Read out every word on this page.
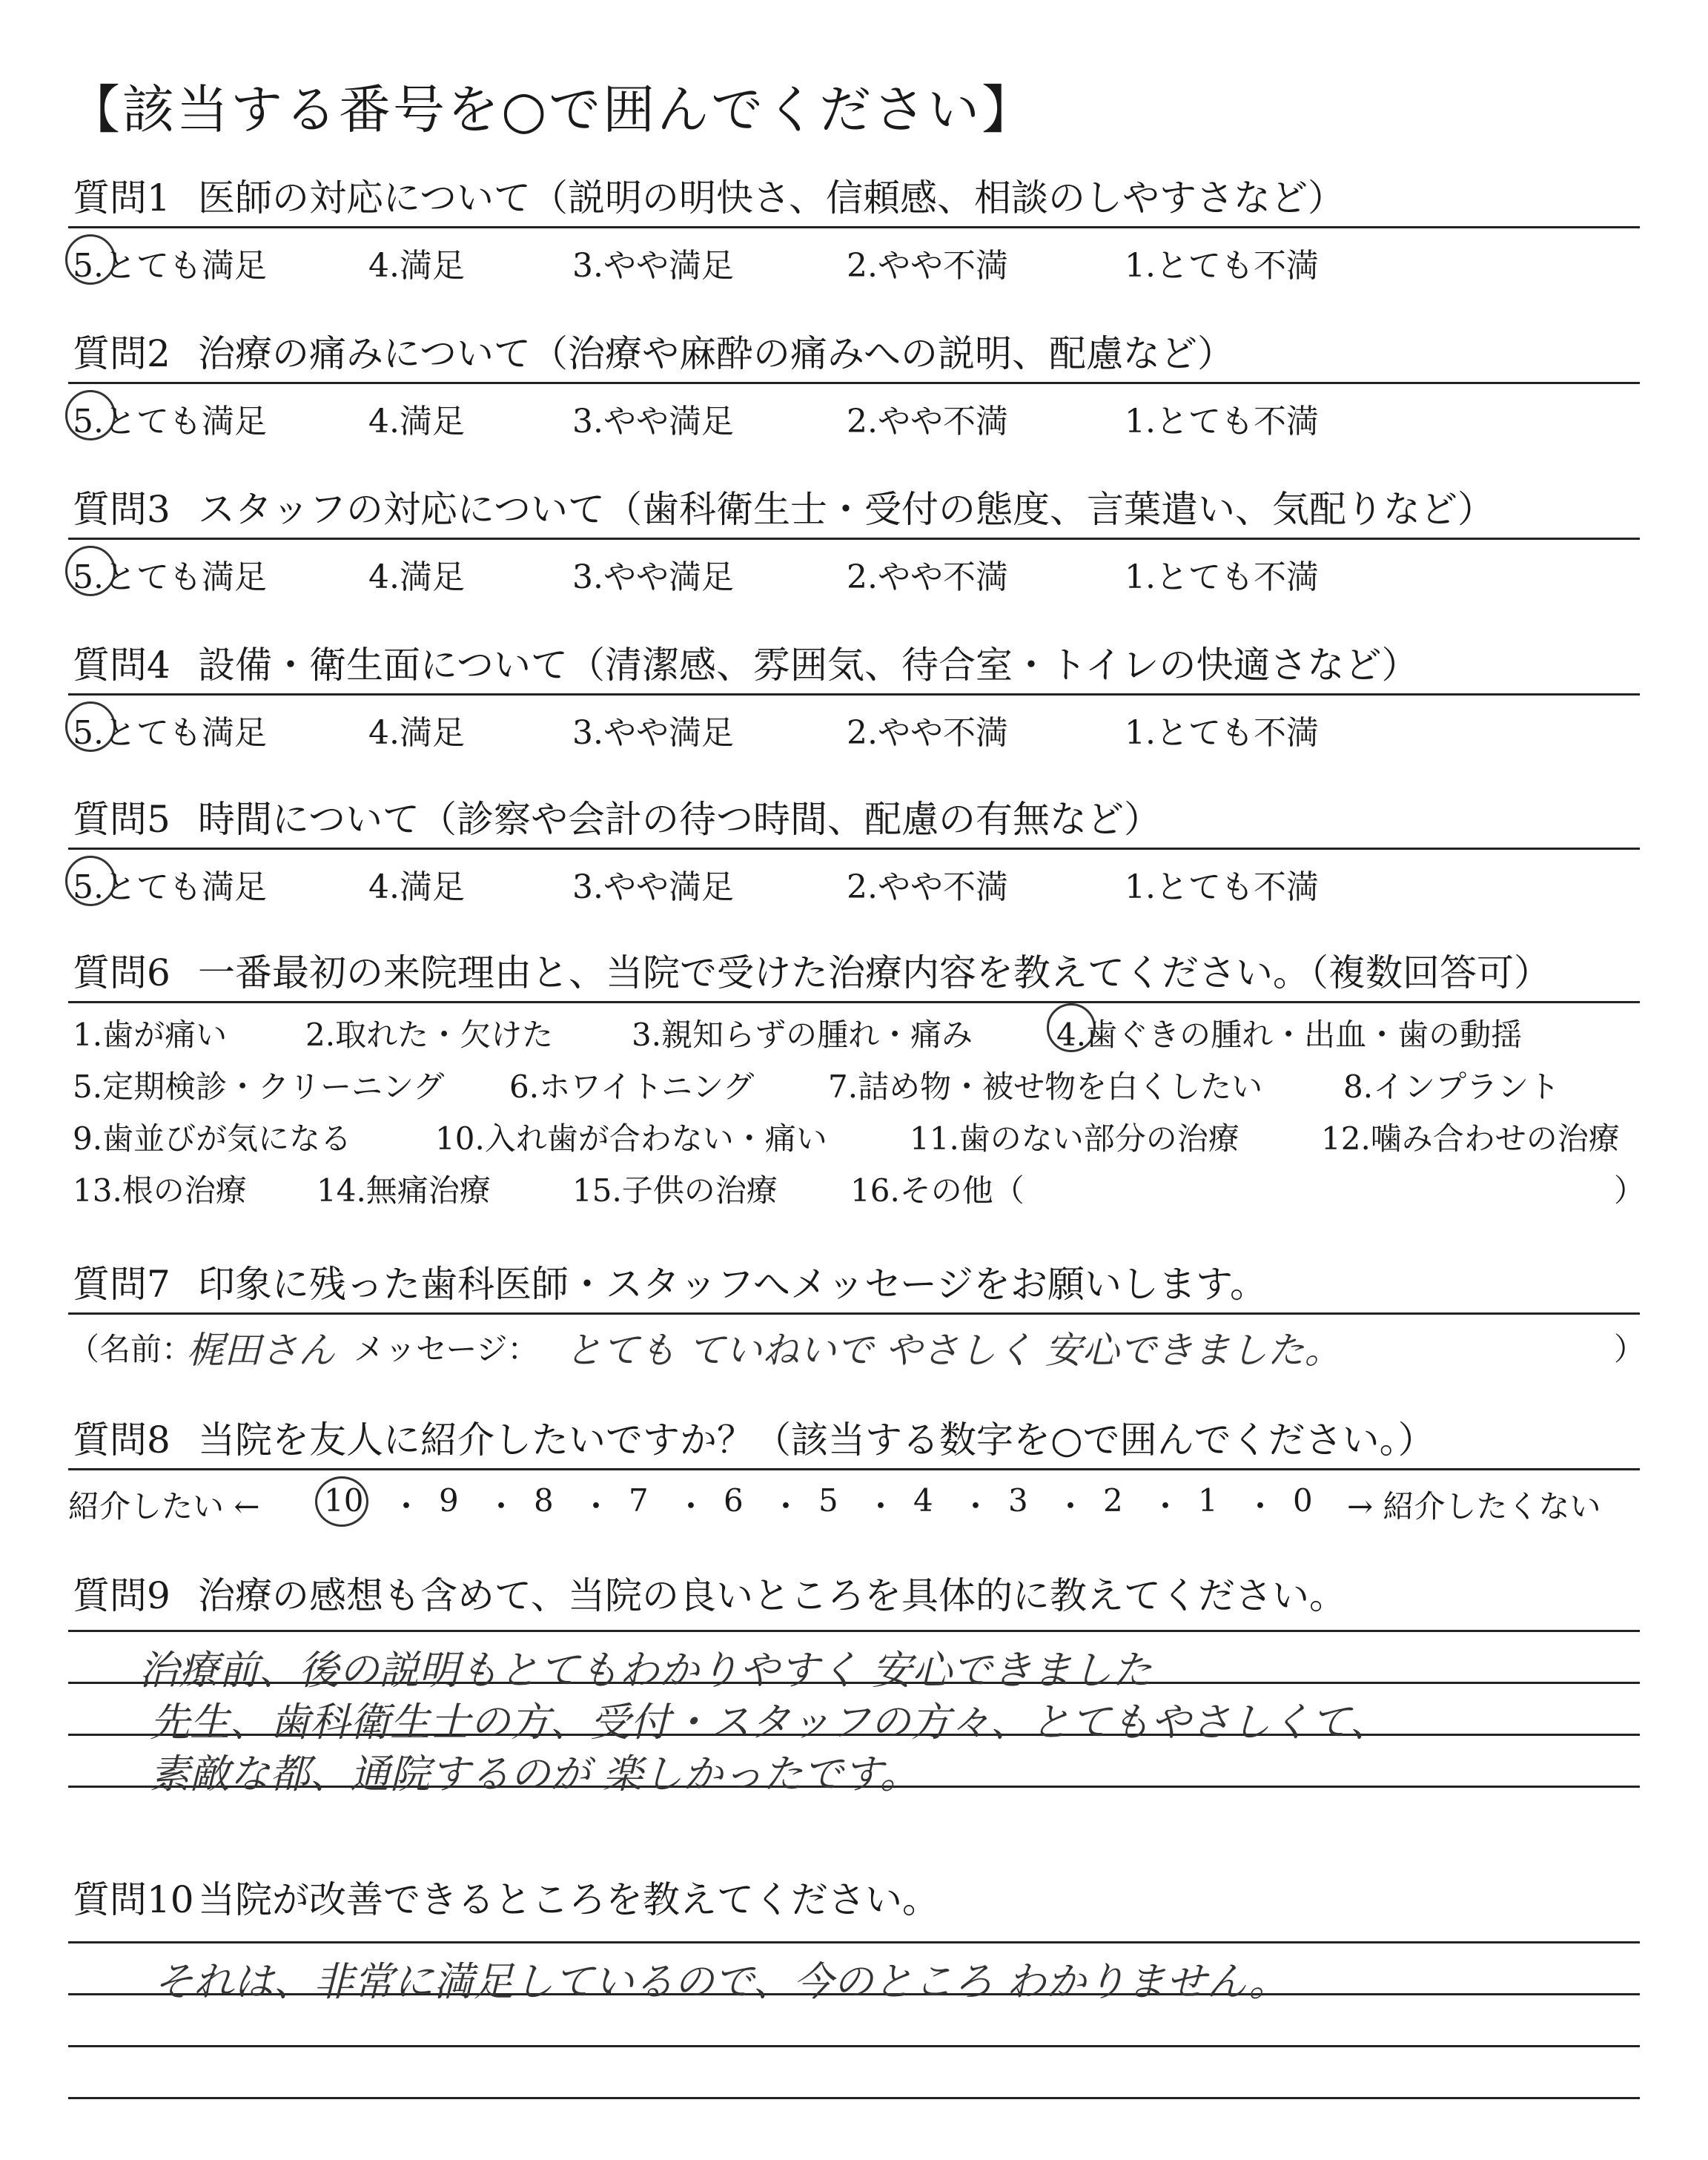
【該当する番号を○で囲んでください】
質問1 医師の対応について（説明の明快さ、信頼感、相談のしやすさなど）
5.とても満足	4.満足	3.やや満足	2.やや不満	1.とても不満
質問2 治療の痛みについて（治療や麻酔の痛みへの説明、配慮など）
5.とても満足	4.満足	3.やや満足	2.やや不満	1.とても不満
質問3 スタッフの対応について（歯科衛生士・受付の態度、言葉遣い、気配りなど）
5.とても満足	4.満足	3.やや満足	2.やや不満	1.とても不満
質問4 設備・衛生面について（清潔感、雰囲気、待合室・トイレの快適さなど）
5.とても満足	4.満足	3.やや満足	2.やや不満	1.とても不満
質問5 時間について（診察や会計の待つ時間、配慮の有無など）
5.とても満足	4.満足	3.やや満足	2.やや不満	1.とても不満
質問6 一番最初の来院理由と、当院で受けた治療内容を教えてください。（複数回答可）
1.歯が痛い	2.取れた・欠けた	3.親知らずの腫れ・痛み	4.歯ぐきの腫れ・出血・歯の動揺
5.定期検診・クリーニング 6.ホワイトニング 7.詰め物・被せ物を白くしたい	8.インプラント
9.歯並びが気になる	10.入れ歯が合わない・痛い	11.歯のない部分の治療	12.噛み合わせの治療
13.根の治療 14.無痛治療	15.子供の治療 16.その他（	）
質問7 印象に残った歯科医師・スタッフへメッセージをお願いします。
（名前：
梶田さん メッセージ： とても ていねいで やさしく 安心できました。	）
質問8 当院を友人に紹介したいですか？（該当する数字を○で囲んでください。）
紹介したい ← 10 ・ 9 ・ 8 ・ 7 ・ 6 ・ 5 ・ 4 ・ 3 ・ 2 ・ 1 ・ 0 → 紹介したくない
質問9 治療の感想も含めて、当院の良いところを具体的に教えてください。
治療前、後の説明もとてもわかりやすく 安心できました
先生、歯科衛生士の方、受付・スタッフの方々、とてもやさしくて、
素敵な都、通院するのが 楽しかったです。
質問10 当院が改善できるところを教えてください。
それは、非常に満足しているので、今のところ わかりません。
